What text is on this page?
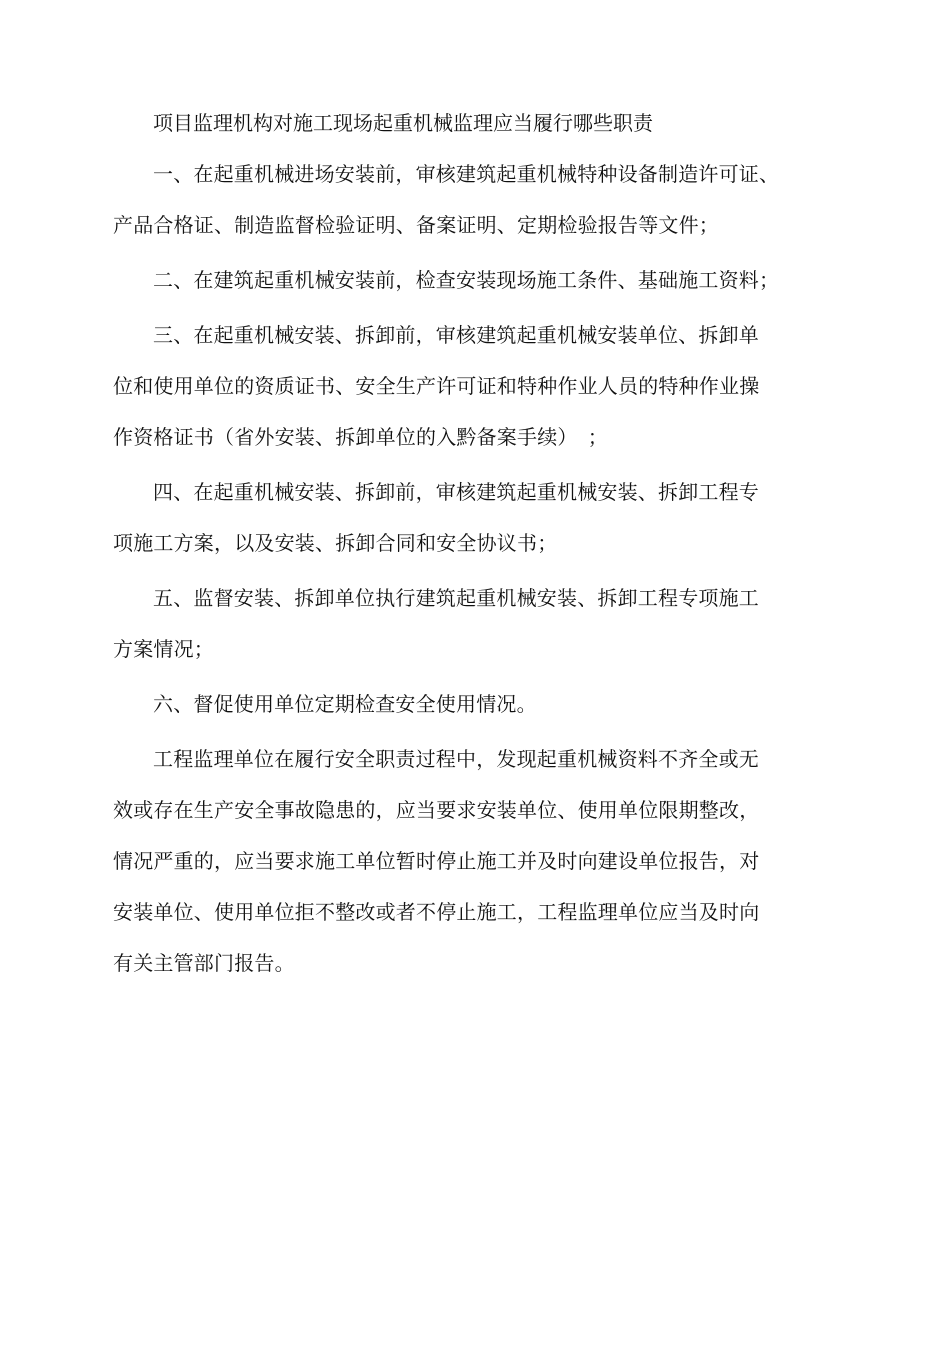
项目监理机构对施工现场起重机械监理应当履行哪些职责

一、在起重机械进场安装前，审核建筑起重机械特种设备制造许可证、
产品合格证、制造监督检验证明、备案证明、定期检验报告等文件；
二、在建筑起重机械安装前，检查安装现场施工条件、基础施工资料；
三、在起重机械安装、拆卸前，审核建筑起重机械安装单位、拆卸单
位和使用单位的资质证书、安全生产许可证和特种作业人员的特种作业操
作资格证书（省外安装、拆卸单位的入黔备案手续）　；
四、在起重机械安装、拆卸前，审核建筑起重机械安装、拆卸工程专
项施工方案，以及安装、拆卸合同和安全协议书；
五、监督安装、拆卸单位执行建筑起重机械安装、拆卸工程专项施工
方案情况；
六、督促使用单位定期检查安全使用情况。
工程监理单位在履行安全职责过程中，发现起重机械资料不齐全或无
效或存在生产安全事故隐患的，应当要求安装单位、使用单位限期整改，
情况严重的，应当要求施工单位暂时停止施工并及时向建设单位报告，对
安装单位、使用单位拒不整改或者不停止施工，工程监理单位应当及时向
有关主管部门报告。
